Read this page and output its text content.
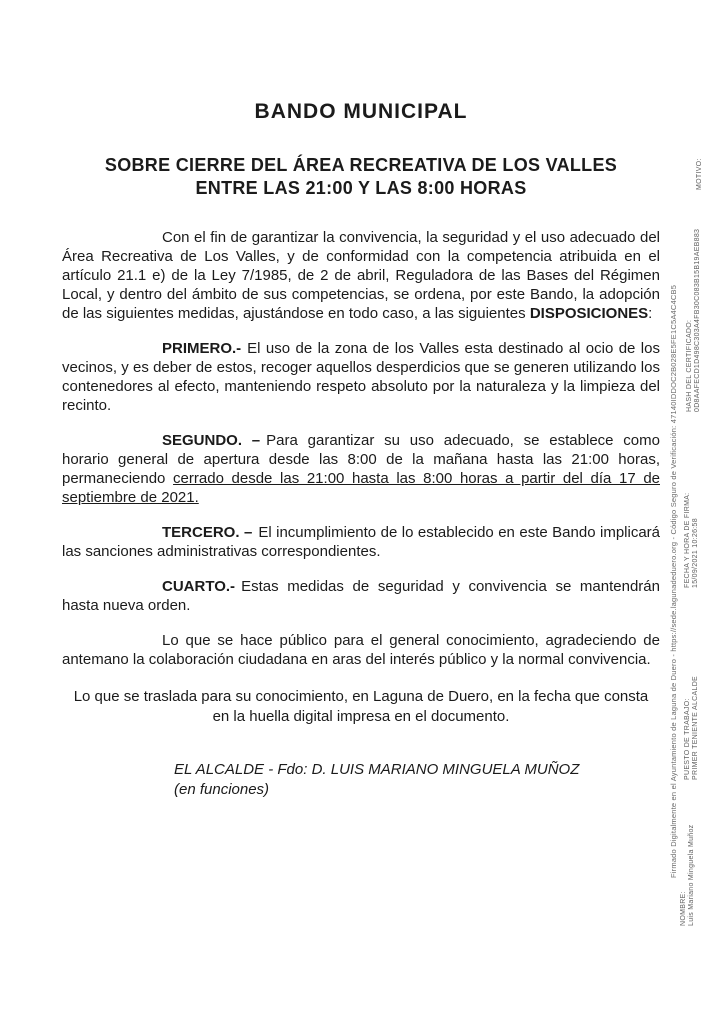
BANDO MUNICIPAL
SOBRE CIERRE DEL ÁREA RECREATIVA DE LOS VALLES ENTRE LAS 21:00 Y LAS 8:00 HORAS

Con el fin de garantizar la convivencia, la seguridad y el uso adecuado del Área Recreativa de Los Valles, y de conformidad con la competencia atribuida en el artículo 21.1 e) de la Ley 7/1985, de 2 de abril, Reguladora de las Bases del Régimen Local, y dentro del ámbito de sus competencias, se ordena, por este Bando, la adopción de las siguientes medidas, ajustándose en todo caso, a las siguientes DISPOSICIONES:

PRIMERO.- El uso de la zona de los Valles esta destinado al ocio de los vecinos, y es deber de estos, recoger aquellos desperdicios que se generen utilizando los contenedores al efecto, manteniendo respeto absoluto por la naturaleza y la limpieza del recinto.

SEGUNDO. – Para garantizar su uso adecuado, se establece como horario general de apertura desde las 8:00 de la mañana hasta las 21:00 horas, permaneciendo cerrado desde las 21:00 hasta las 8:00 horas a partir del día 17 de septiembre de 2021.

TERCERO. – El incumplimiento de lo establecido en este Bando implicará las sanciones administrativas correspondientes.

CUARTO.- Estas medidas de seguridad y convivencia se mantendrán hasta nueva orden.

Lo que se hace público para el general conocimiento, agradeciendo de antemano la colaboración ciudadana en aras del interés público y la normal convivencia.

Lo que se traslada para su conocimiento, en Laguna de Duero, en la fecha que consta en la huella digital impresa en el documento.

EL ALCALDE - Fdo: D. LUIS MARIANO MINGUELA MUÑOZ
(en funciones)	Firmado Digitalmente en el Ayuntamiento de Laguna de Duero - https://sede.lagunadeduero.org - Código Seguro de Verificación: 47140IDDOC2B028E5FE1C5A4C4CB5
MOTIVO:
HASH DEL CERTIFICADO: 0D8AAFECD1D498C303A4FB30C083B15B19AEB883
FECHA Y HORA DE FIRMA: 15/09/2021 10:26:58
PUESTO DE TRABAJO: PRIMER TENIENTE ALCALDE
NOMBRE: Luis Mariano Minguela Muñoz
